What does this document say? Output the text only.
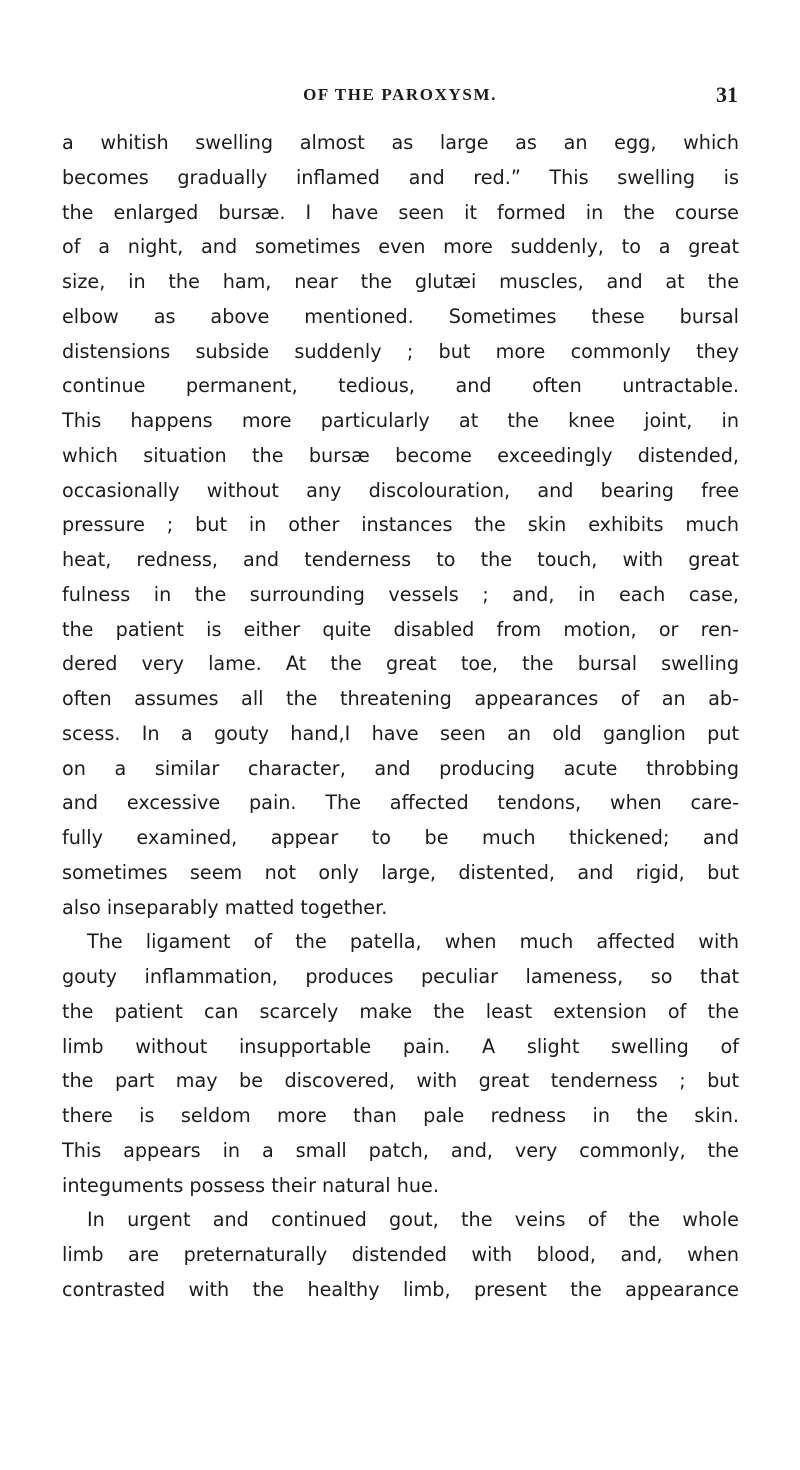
OF THE PAROXYSM.	31
a whitish swelling almost as large as an egg, which
becomes gradually inflamed and red.” This swelling is
the enlarged bursæ. I have seen it formed in the course
of a night, and sometimes even more suddenly, to a great
size, in the ham, near the glutæi muscles, and at the
elbow as above mentioned. Sometimes these bursal
distensions subside suddenly ; but more commonly they
continue permanent, tedious, and often untractable.
This happens more particularly at the knee joint, in
which situation the bursæ become exceedingly distended,
occasionally without any discolouration, and bearing free
pressure ; but in other instances the skin exhibits much
heat, redness, and tenderness to the touch, with great
fulness in the surrounding vessels ; and, in each case,
the patient is either quite disabled from motion, or ren-
dered very lame. At the great toe, the bursal swelling
often assumes all the threatening appearances of an ab-
scess. In a gouty hand,I have seen an old ganglion put
on a similar character, and producing acute throbbing
and excessive pain. The affected tendons, when care-
fully examined, appear to be much thickened; and
sometimes seem not only large, distented, and rigid, but
also inseparably matted together.
The ligament of the patella, when much affected with
gouty inflammation, produces peculiar lameness, so that
the patient can scarcely make the least extension of the
limb without insupportable pain. A slight swelling of
the part may be discovered, with great tenderness ; but
there is seldom more than pale redness in the skin.
This appears in a small patch, and, very commonly, the
integuments possess their natural hue.
In urgent and continued gout, the veins of the whole
limb are preternaturally distended with blood, and, when
contrasted with the healthy limb, present the appearance
